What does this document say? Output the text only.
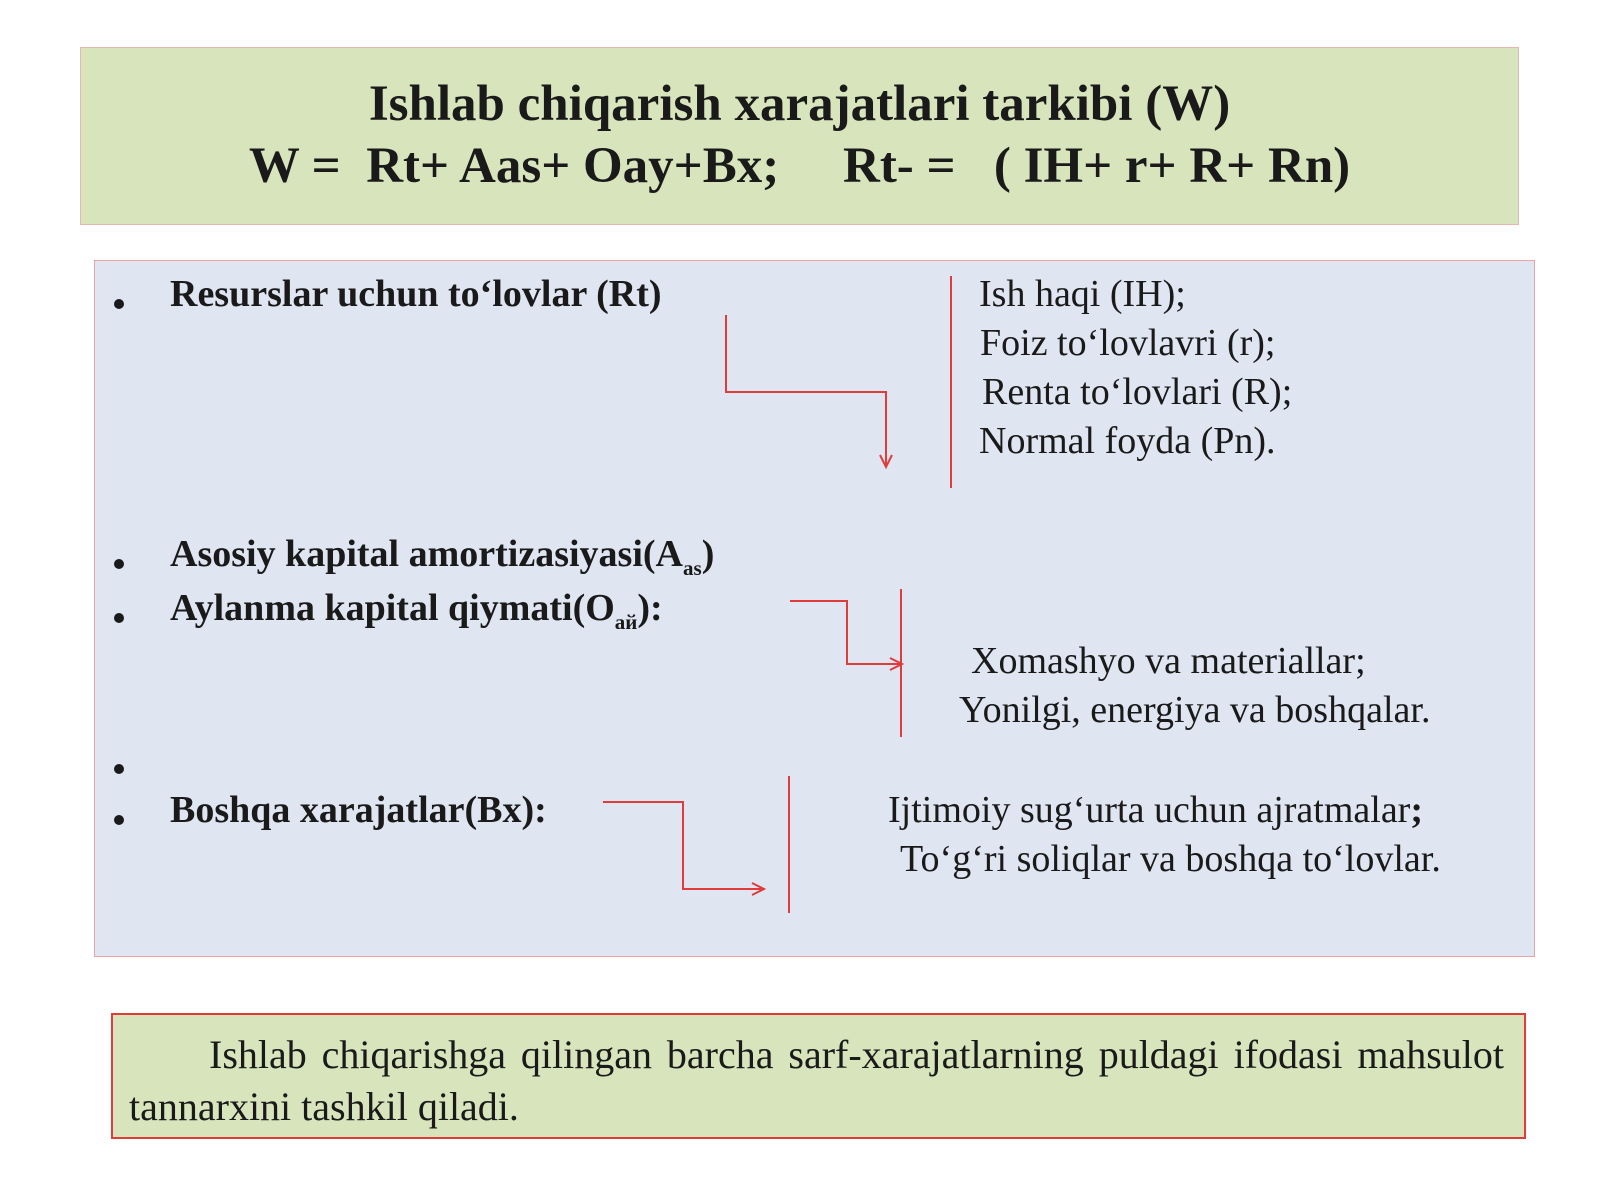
Ishlab chiqarish xarajatlari tarkibi (W)
W =  Rt+ Aas+ Oay+Bx;     Rt- =   ( IH+ r+ R+ Rn)
Resurslar uchun to‘lovlar (Rt)	Ish haqi (IH);
Foiz to‘lovlavri (r);
Renta to‘lovlari (R);
Normal foyda (Pn).
Asosiy kapital $amortizasiyasi(A_{as})$
Aylanma kapital $qiymati(O_{ай})$:
Xomashyo va materiallar;
Yonilgi, energiya va boshqalar.
Boshqa xarajatlar(Bx):	Ijtimoiy sug‘urta uchun ajratmalar;
To‘g‘ri soliqlar va boshqa to‘lovlar.
Ishlab chiqarishga qilingan barcha sarf-xarajatlarning puldagi ifodasi mahsulot tannarxini tashkil qiladi.
